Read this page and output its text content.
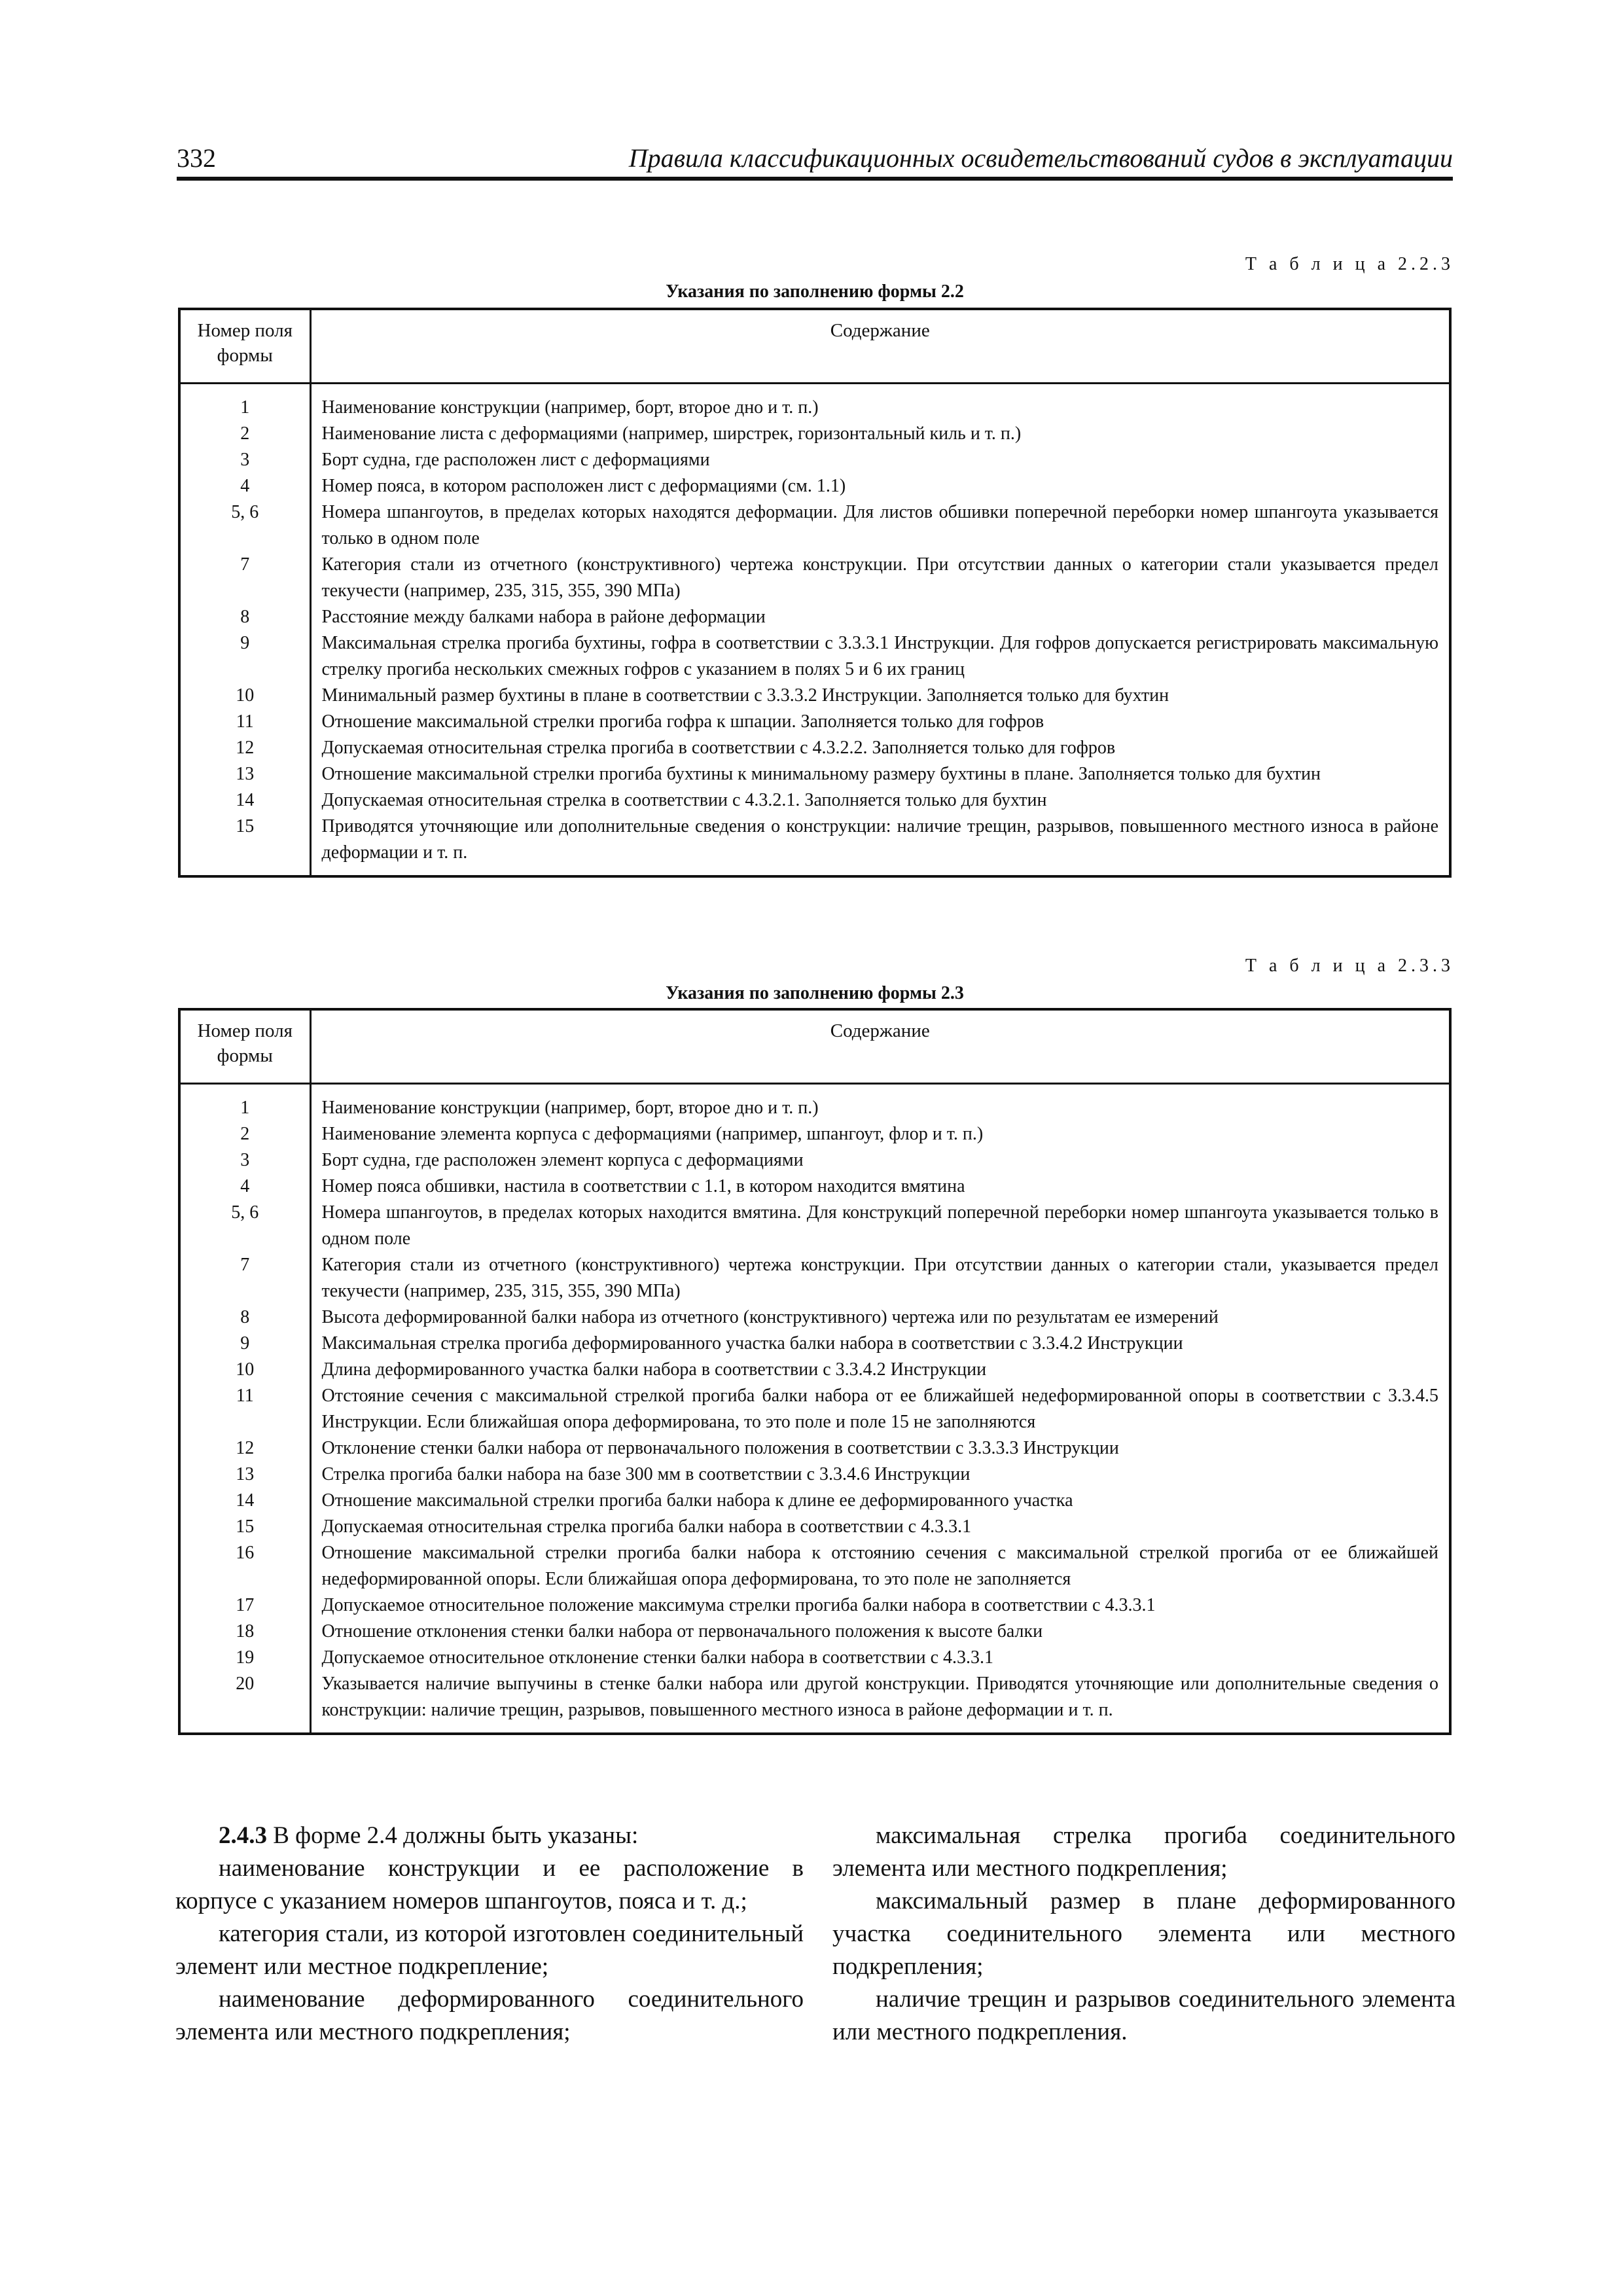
332	Правила классификационных освидетельствований судов в эксплуатации
Т а б л и ц а 2.2.3
Указания по заполнению формы 2.2
Номер поля формы	Содержание
1	Наименование конструкции (например, борт, второе дно и т. п.)
2	Наименование листа с деформациями (например, ширстрек, горизонтальный киль и т. п.)
3	Борт судна, где расположен лист с деформациями
4	Номер пояса, в котором расположен лист с деформациями (см. 1.1)
5, 6	Номера шпангоутов, в пределах которых находятся деформации. Для листов обшивки поперечной переборки номер шпангоута указывается только в одном поле
7	Категория стали из отчетного (конструктивного) чертежа конструкции. При отсутствии данных о категории стали указывается предел текучести (например, 235, 315, 355, 390 МПа)
8	Расстояние между балками набора в районе деформации
9	Максимальная стрелка прогиба бухтины, гофра в соответствии с 3.3.3.1 Инструкции. Для гофров допускается регистрировать максимальную стрелку прогиба нескольких смежных гофров с указанием в полях 5 и 6 их границ
10	Минимальный размер бухтины в плане в соответствии с 3.3.3.2 Инструкции. Заполняется только для бухтин
11	Отношение максимальной стрелки прогиба гофра к шпации. Заполняется только для гофров
12	Допускаемая относительная стрелка прогиба в соответствии с 4.3.2.2. Заполняется только для гофров
13	Отношение максимальной стрелки прогиба бухтины к минимальному размеру бухтины в плане. Заполняется только для бухтин
14	Допускаемая относительная стрелка в соответствии с 4.3.2.1. Заполняется только для бухтин
15	Приводятся уточняющие или дополнительные сведения о конструкции: наличие трещин, разрывов, повышенного местного износа в районе деформации и т. п.
Т а б л и ц а 2.3.3
Указания по заполнению формы 2.3
Номер поля формы	Содержание
1	Наименование конструкции (например, борт, второе дно и т. п.)
2	Наименование элемента корпуса с деформациями (например, шпангоут, флор и т. п.)
3	Борт судна, где расположен элемент корпуса с деформациями
4	Номер пояса обшивки, настила в соответствии с 1.1, в котором находится вмятина
5, 6	Номера шпангоутов, в пределах которых находится вмятина. Для конструкций поперечной переборки номер шпангоута указывается только в одном поле
7	Категория стали из отчетного (конструктивного) чертежа конструкции. При отсутствии данных о категории стали, указывается предел текучести (например, 235, 315, 355, 390 МПа)
8	Высота деформированной балки набора из отчетного (конструктивного) чертежа или по результатам ее измерений
9	Максимальная стрелка прогиба деформированного участка балки набора в соответствии с 3.3.4.2 Инструкции
10	Длина деформированного участка балки набора в соответствии с 3.3.4.2 Инструкции
11	Отстояние сечения с максимальной стрелкой прогиба балки набора от ее ближайшей недеформированной опоры в соответствии с 3.3.4.5 Инструкции. Если ближайшая опора деформирована, то это поле и поле 15 не заполняются
12	Отклонение стенки балки набора от первоначального положения в соответствии с 3.3.3.3 Инструкции
13	Стрелка прогиба балки набора на базе 300 мм в соответствии с 3.3.4.6 Инструкции
14	Отношение максимальной стрелки прогиба балки набора к длине ее деформированного участка
15	Допускаемая относительная стрелка прогиба балки набора в соответствии с 4.3.3.1
16	Отношение максимальной стрелки прогиба балки набора к отстоянию сечения с максимальной стрелкой прогиба от ее ближайшей недеформированной опоры. Если ближайшая опора деформирована, то это поле не заполняется
17	Допускаемое относительное положение максимума стрелки прогиба балки набора в соответствии с 4.3.3.1
18	Отношение отклонения стенки балки набора от первоначального положения к высоте балки
19	Допускаемое относительное отклонение стенки балки набора в соответствии с 4.3.3.1
20	Указывается наличие выпучины в стенке балки набора или другой конструкции. Приводятся уточняющие или дополнительные сведения о конструкции: наличие трещин, разрывов, повышенного местного износа в районе деформации и т. п.

2.4.3 В форме 2.4 должны быть указаны:

наименование конструкции и ее расположение в корпусе с указанием номеров шпангоутов, пояса и т. д.;

категория стали, из которой изготовлен соединительный элемент или местное подкрепление;

наименование деформированного соединительного элемента или местного подкрепления;

максимальная стрелка прогиба соединительного элемента или местного подкрепления;

максимальный размер в плане деформированного участка соединительного элемента или местного подкрепления;

наличие трещин и разрывов соединительного элемента или местного подкрепления.
